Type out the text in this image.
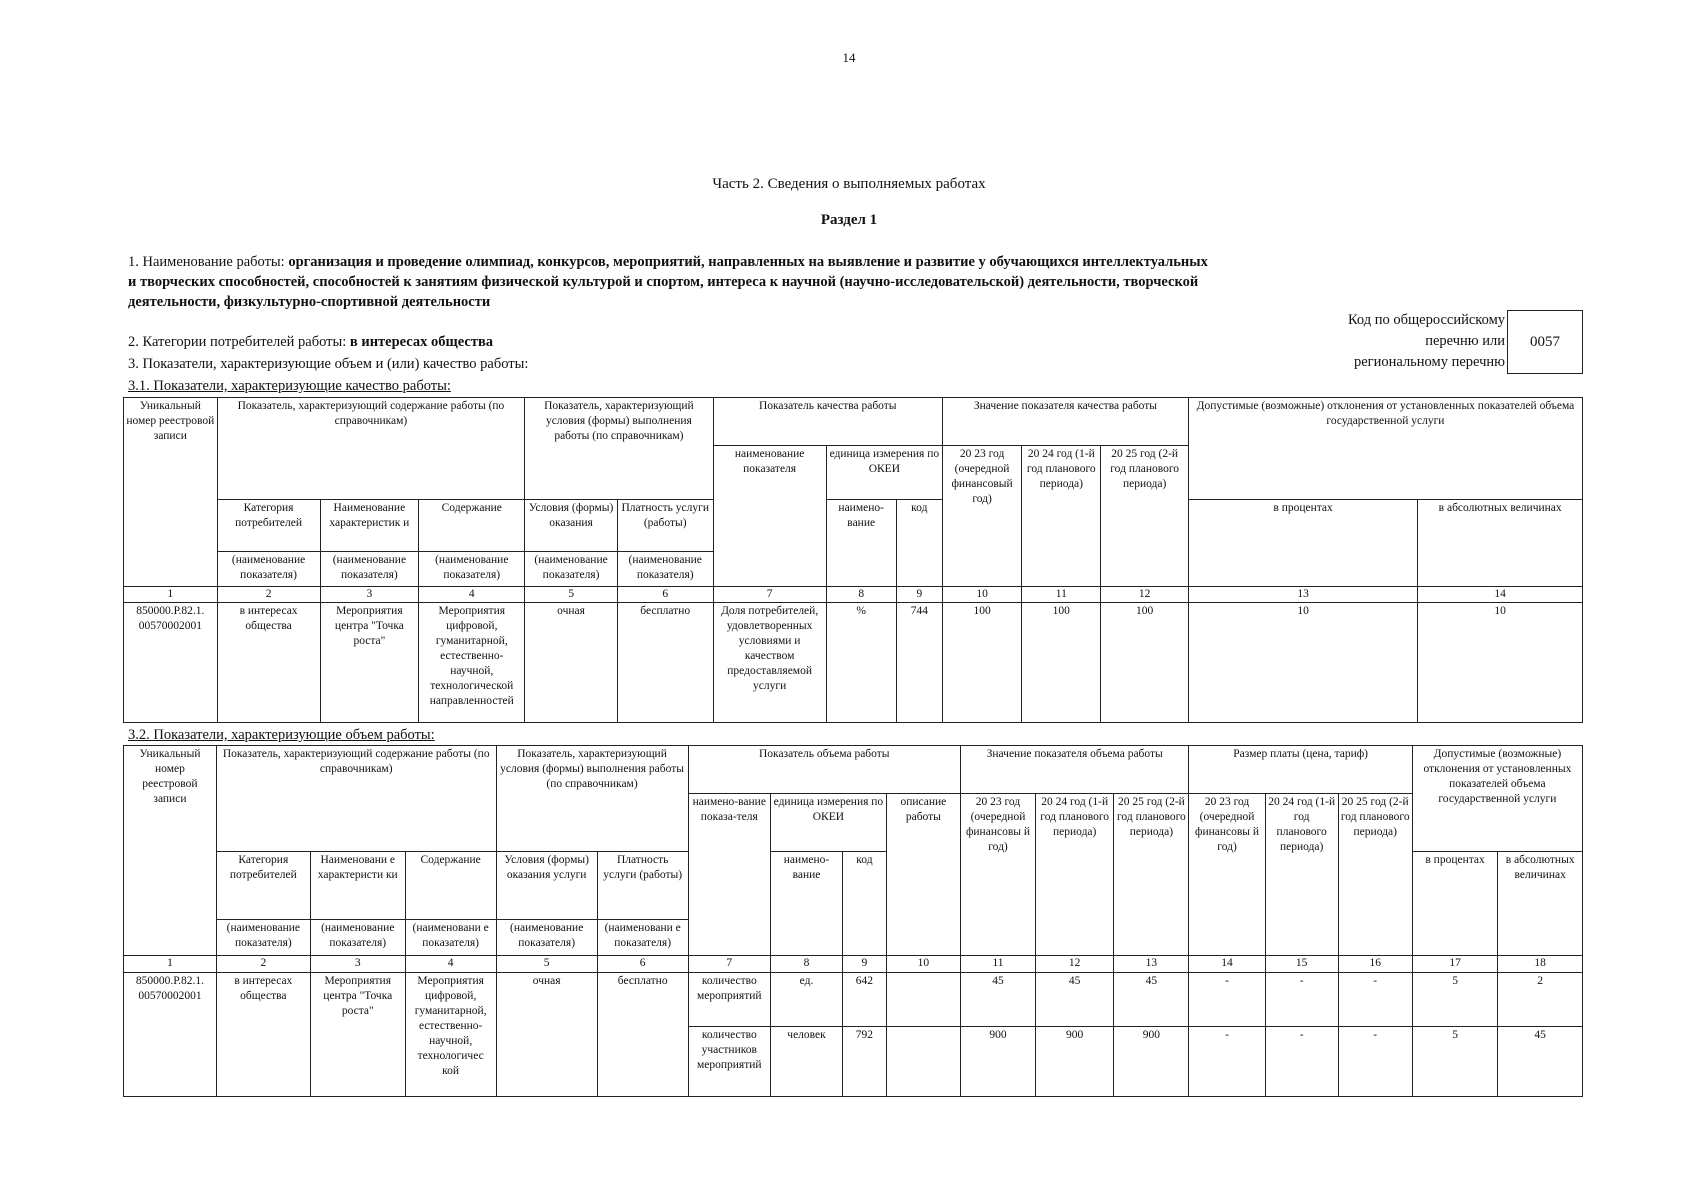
14
Часть 2. Сведения о выполняемых работах
Раздел 1
1. Наименование работы: организация и проведение олимпиад, конкурсов, мероприятий, направленных на выявление и развитие у обучающихся интеллектуальных и творческих способностей, способностей к занятиям физической культурой и спортом, интереса к научной (научно-исследовательской) деятельности, творческой деятельности, физкультурно-спортивной деятельности
2. Категории потребителей работы: в интересах общества
3. Показатели, характеризующие объем и (или) качество работы:
3.1. Показатели, характеризующие качество работы:
Код по общероссийскому
перечню или
региональному перечню
0057
Уникальный номер реестровой записи	Показатель, характеризующий содержание работы (по справочникам)			Показатель, характеризующий условия (формы) выполнения работы (по справочникам)		Показатель качества работы			Значение показателя качества работы			Допустимые (возможные) отклонения от установленных показателей объема государственной услуги	
						наименование показателя	единица измерения по ОКЕИ		20 23 год (очередной финансовый год)	20 24 год (1-й год планового периода)	20 25 год (2-й год планового периода)		
	Категория потребителей	Наименование характеристик и	Содержание	Условия (формы) оказания	Платность услуги (работы)		наимено-вание	код				в процентах	в абсолютных величинах
	(наименование показателя)	(наименование показателя)	(наименование показателя)	(наименование показателя)	(наименование показателя)								
1	2	3	4	5	6	7	8	9	10	11	12	13	14
850000.Р.82.1. 00570002001	в интересах общества	Мероприятия центра "Точка роста"	Мероприятия цифровой, гуманитарной, естественно-научной, технологической направленностей	очная	бесплатно	Доля потребителей, удовлетворенных условиями и качеством предоставляемой услуги	%	744	100	100	100	10	10
3.2. Показатели, характеризующие объем работы:
Уникальный номер реестровой записи	Показатель, характеризующий содержание работы (по справочникам)			Показатель, характеризующий условия (формы) выполнения работы (по справочникам)		Показатель объема работы				Значение показателя объема работы			Размер платы (цена, тариф)			Допустимые (возможные) отклонения от установленных показателей объема государственной услуги	
						наимено-вание показа-теля	единица измерения по ОКЕИ		описание работы	20 23 год (очередной финансовы й год)	20 24 год (1-й год планового периода)	20 25 год (2-й год планового периода)	20 23 год (очередной финансовы й год)	20 24 год (1-й год планового периода)	20 25 год (2-й год планового периода)		
	Категория потребителей	Наименовани е характеристи ки	Содержание	Условия (формы) оказания услуги	Платность услуги (работы)		наимено-вание	код								в процентах	в абсолютных величинах
	(наименование показателя)	(наименование показателя)	(наименовани е показателя)	(наименование показателя)	(наименовани е показателя)												
1	2	3	4	5	6	7	8	9	10	11	12	13	14	15	16	17	18
850000.Р.82.1. 00570002001	в интересах общества	Мероприятия центра "Точка роста"	Мероприятия цифровой, гуманитарной, естественно-научной, технологичес кой	очная	бесплатно	количество мероприятий	ед.	642		45	45	45	-	-	-	5	2
						количество участников мероприятий	человек	792		900	900	900	-	-	-	5	45
